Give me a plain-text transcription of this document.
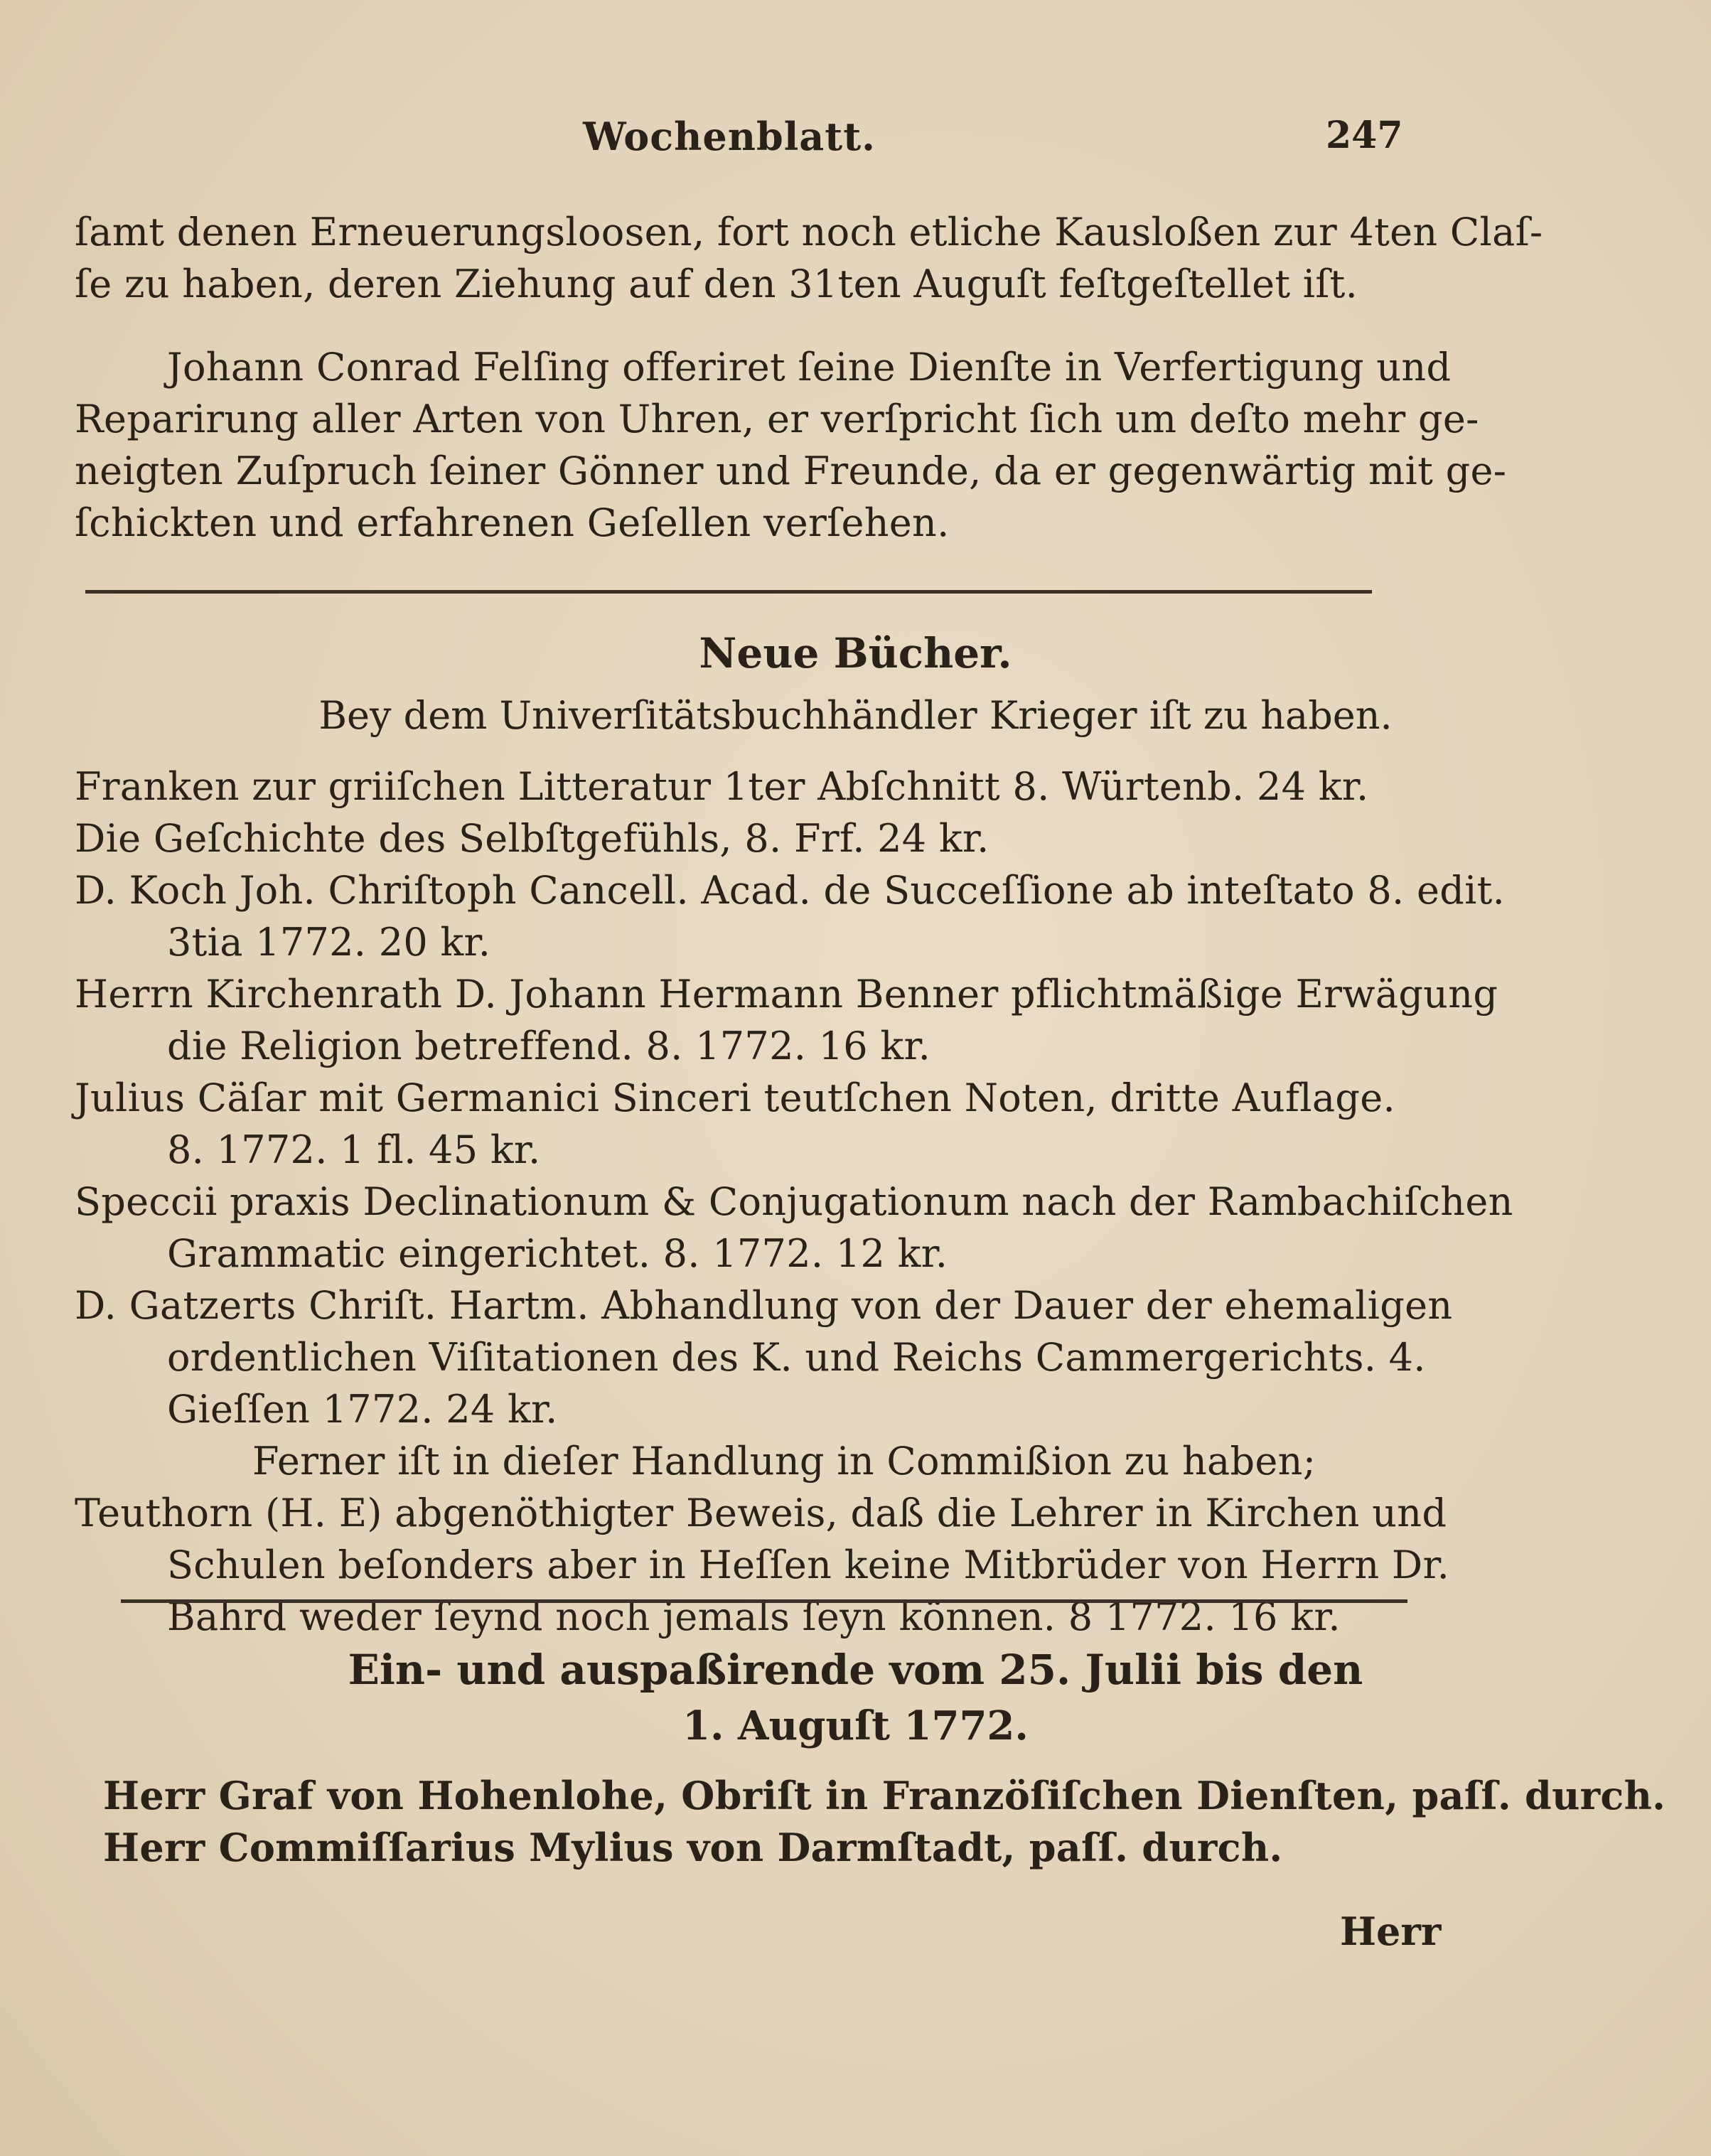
Wochenblatt.	247
ſamt denen Erneuerungsloosen, fort noch etliche Kausloßen zur 4ten Claſ-
ſe zu haben, deren Ziehung auf den 31ten Auguſt feſtgeſtellet iſt.
Johann Conrad Felſing offeriret ſeine Dienſte in Verfertigung und
Reparirung aller Arten von Uhren, er verſpricht ſich um deſto mehr ge-
neigten Zuſpruch ſeiner Gönner und Freunde, da er gegenwärtig mit ge-
ſchickten und erfahrenen Geſellen verſehen.
Neue Bücher.
Bey dem Univerſitätsbuchhändler Krieger iſt zu haben.
Franken zur griiſchen Litteratur 1ter Abſchnitt 8. Würtenb. 24 kr.
Die Geſchichte des Selbſtgefühls, 8. Frf. 24 kr.
D. Koch Joh. Chriſtoph Cancell. Acad. de Succeſſione ab inteſtato 8. edit.
3tia 1772. 20 kr.
Herrn Kirchenrath D. Johann Hermann Benner pflichtmäßige Erwägung
die Religion betreffend. 8. 1772. 16 kr.
Julius Cäſar mit Germanici Sinceri teutſchen Noten, dritte Auflage.
8. 1772. 1 fl. 45 kr.
Speccii praxis Declinationum & Conjugationum nach der Rambachiſchen
Grammatic eingerichtet. 8. 1772. 12 kr.
D. Gatzerts Chriſt. Hartm. Abhandlung von der Dauer der ehemaligen
ordentlichen Viſitationen des K. und Reichs Cammergerichts. 4.
Gieſſen 1772. 24 kr.
Ferner iſt in dieſer Handlung in Commißion zu haben;
Teuthorn (H. E) abgenöthigter Beweis, daß die Lehrer in Kirchen und
Schulen beſonders aber in Heſſen keine Mitbrüder von Herrn Dr.
Bahrd weder ſeynd noch jemals ſeyn können. 8 1772. 16 kr.
Ein- und auspaßirende vom 25. Julii bis den
1. Auguſt 1772.
Herr Graf von Hohenlohe, Obriſt in Franzöſiſchen Dienſten, paſſ. durch.
Herr Commiſſarius Mylius von Darmſtadt, paſſ. durch.
Herr
